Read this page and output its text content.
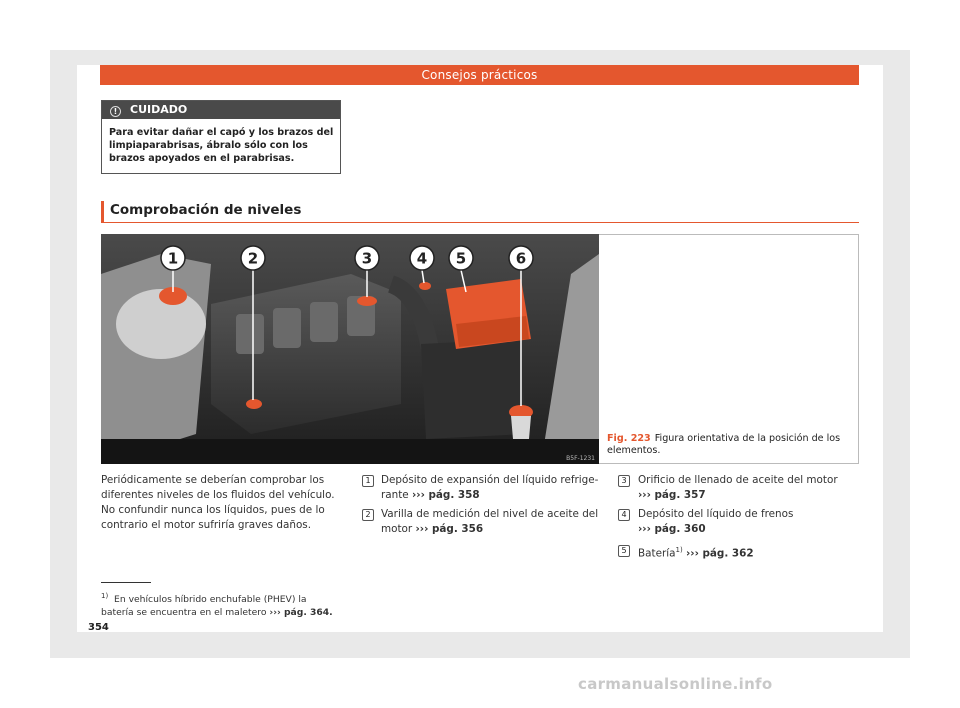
Consejos prácticos
! CUIDADO
Para evitar dañar el capó y los brazos del limpiaparabrisas, ábralo sólo con los brazos apoyados en el parabrisas.
Comprobación de niveles
1	2	3	4 5	6
B5F-1231
Fig. 223 Figura orientativa de la posición de los elementos.
Periódicamente se deberían comprobar los diferentes niveles de los fluidos del vehículo. No confundir nunca los líquidos, pues de lo contrario el motor sufriría graves daños.
1	Depósito de expansión del líquido refrige-
rante ››› pág. 358
2	Varilla de medición del nivel de aceite del
motor ››› pág. 356
3	Orificio de llenado de aceite del motor
››› pág. 357
4	Depósito del líquido de frenos
››› pág. 360
5	Batería$^{1)}$ ››› pág. 362
$^{1)}$ En vehículos híbrido enchufable (PHEV) la batería se encuentra en el maletero ››› pág. 364.
354
carmanualsonline.info
